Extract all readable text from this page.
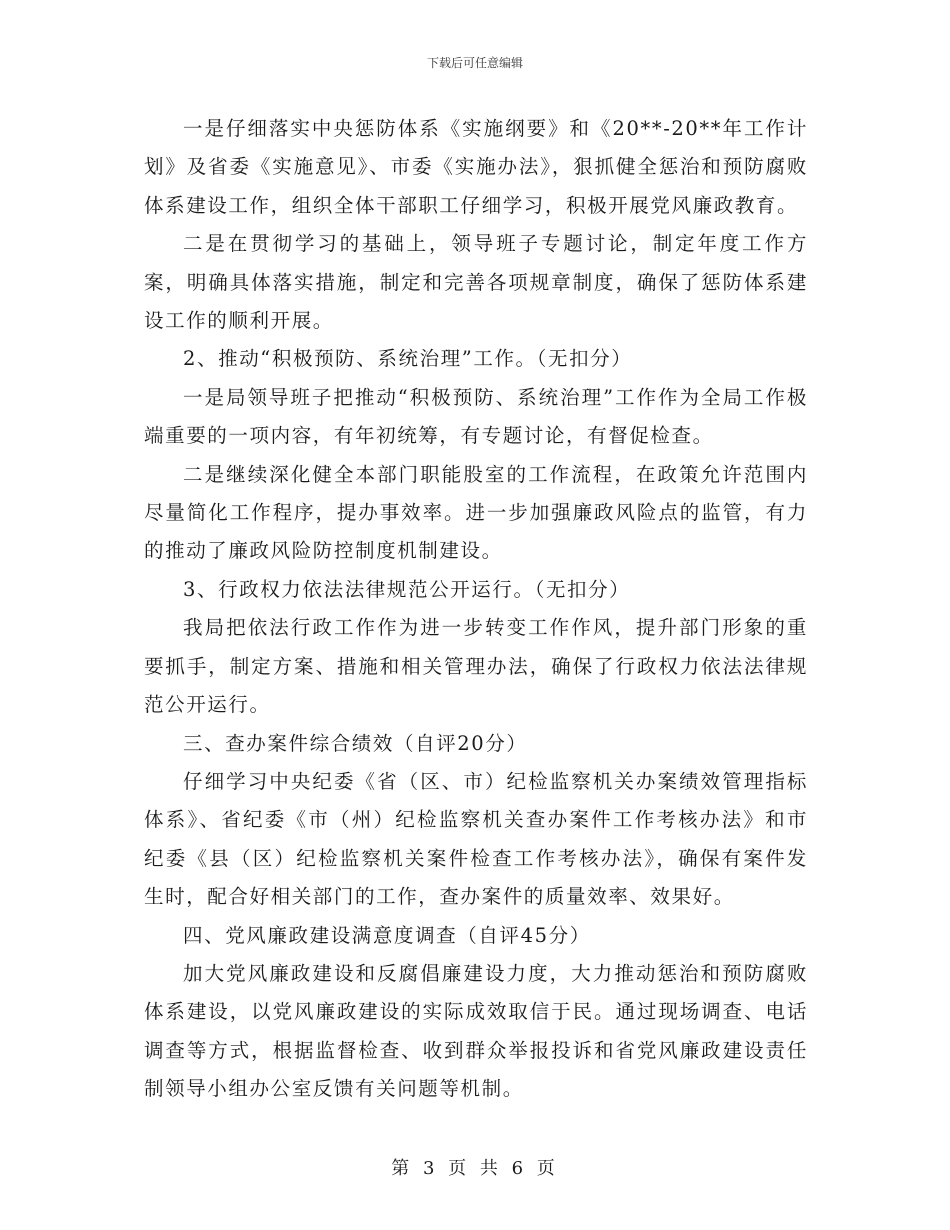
下载后可任意编辑

一是仔细落实中央惩防体系《实施纲要》和《20**-20**年工作计划》及省委《实施意见》、市委《实施办法》，狠抓健全惩治和预防腐败体系建设工作，组织全体干部职工仔细学习，积极开展党风廉政教育。

二是在贯彻学习的基础上，领导班子专题讨论，制定年度工作方案，明确具体落实措施，制定和完善各项规章制度，确保了惩防体系建设工作的顺利开展。

2、推动“积极预防、系统治理”工作。（无扣分）

一是局领导班子把推动“积极预防、系统治理”工作作为全局工作极端重要的一项内容，有年初统筹，有专题讨论，有督促检查。

二是继续深化健全本部门职能股室的工作流程，在政策允许范围内尽量简化工作程序，提办事效率。进一步加强廉政风险点的监管，有力的推动了廉政风险防控制度机制建设。

3、行政权力依法法律规范公开运行。（无扣分）

我局把依法行政工作作为进一步转变工作作风，提升部门形象的重要抓手，制定方案、措施和相关管理办法，确保了行政权力依法法律规范公开运行。

三、查办案件综合绩效（自评20分）

仔细学习中央纪委《省（区、市）纪检监察机关办案绩效管理指标体系》、省纪委《市（州）纪检监察机关查办案件工作考核办法》和市纪委《县（区）纪检监察机关案件检查工作考核办法》，确保有案件发生时，配合好相关部门的工作，查办案件的质量效率、效果好。

四、党风廉政建设满意度调查（自评45分）

加大党风廉政建设和反腐倡廉建设力度，大力推动惩治和预防腐败体系建设，以党风廉政建设的实际成效取信于民。通过现场调查、电话调查等方式，根据监督检查、收到群众举报投诉和省党风廉政建设责任制领导小组办公室反馈有关问题等机制。

第 3 页 共 6 页
